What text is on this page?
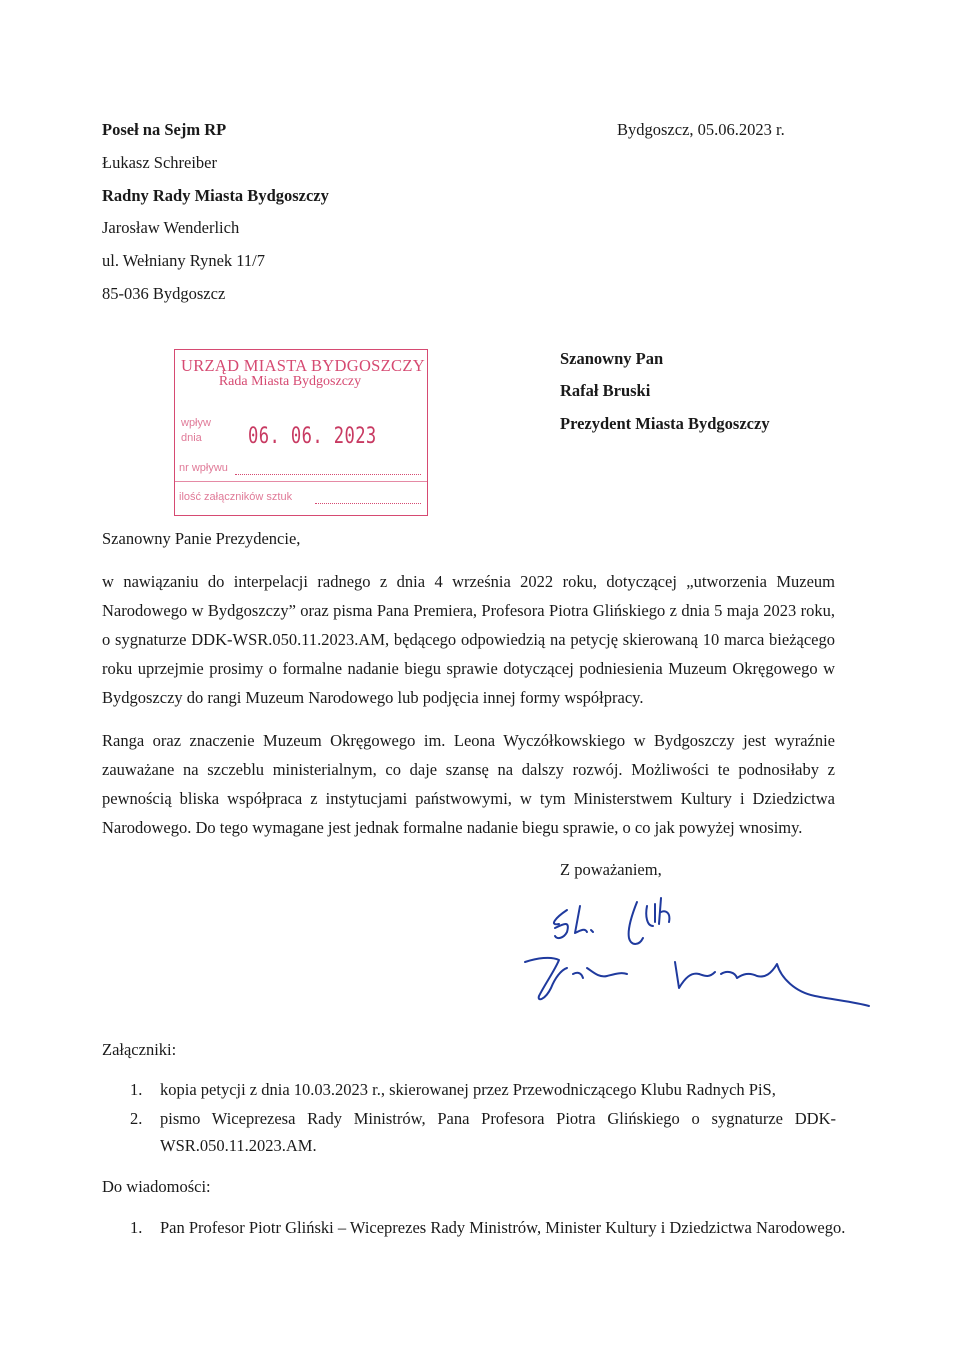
Poseł na Sejm RP
Łukasz Schreiber
Radny Rady Miasta Bydgoszczy
Jarosław Wenderlich
ul. Wełniany Rynek 11/7
85-036 Bydgoszcz
Bydgoszcz, 05.06.2023 r.
Szanowny Pan
Rafał Bruski
Prezydent Miasta Bydgoszczy
URZĄD MIASTA BYDGOSZCZY
Rada Miasta Bydgoszczy
wpływ
dnia 06. 06. 2023
nr wpływu
ilość załączników sztuk
Szanowny Panie Prezydencie,

w nawiązaniu do interpelacji radnego z dnia 4 września 2022 roku, dotyczącej „utworzenia Muzeum Narodowego w Bydgoszczy” oraz pisma Pana Premiera, Profesora Piotra Glińskiego z dnia 5 maja 2023 roku, o sygnaturze DDK-WSR.050.11.2023.AM, będącego odpowiedzią na petycję skierowaną 10 marca bieżącego roku uprzejmie prosimy o formalne nadanie biegu sprawie dotyczącej podniesienia Muzeum Okręgowego w Bydgoszczy do rangi Muzeum Narodowego lub podjęcia innej formy współpracy.

Ranga oraz znaczenie Muzeum Okręgowego im. Leona Wyczółkowskiego w Bydgoszczy jest wyraźnie zauważane na szczeblu ministerialnym, co daje szansę na dalszy rozwój. Możliwości te podnosiłaby z pewnością bliska współpraca z instytucjami państwowymi, w tym Ministerstwem Kultury i Dziedzictwa Narodowego. Do tego wymagane jest jednak formalne nadanie biegu sprawie, o co jak powyżej wnosimy.

Z poważaniem,
Załączniki:
1. kopia petycji z dnia 10.03.2023 r., skierowanej przez Przewodniczącego Klubu Radnych PiS,
2. pismo Wiceprezesa Rady Ministrów, Pana Profesora Piotra Glińskiego o sygnaturze DDK-WSR.050.11.2023.AM.
Do wiadomości:
1. Pan Profesor Piotr Gliński – Wiceprezes Rady Ministrów, Minister Kultury i Dziedzictwa Narodowego.
